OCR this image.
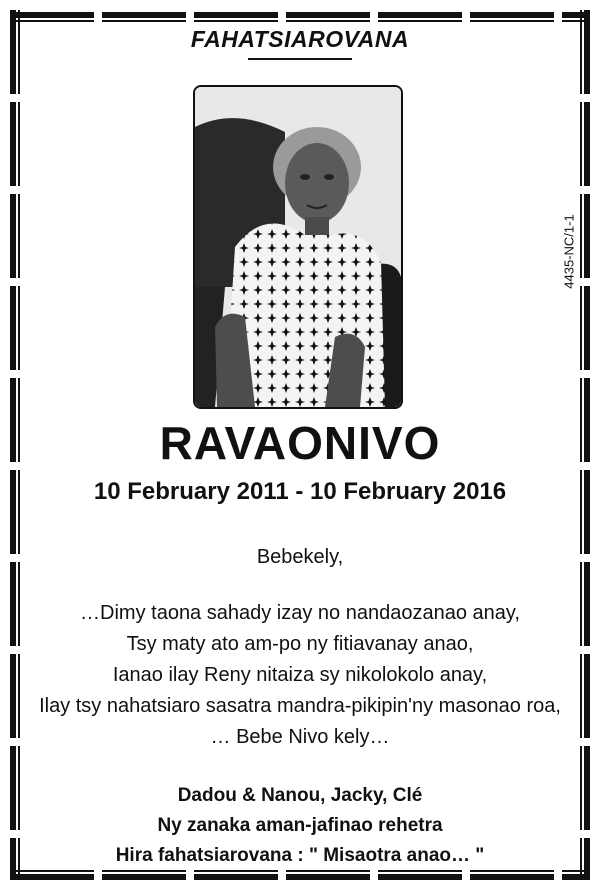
FAHATSIAROVANA
4435-NC/1-1
RAVAONIVO
10 February 2011 - 10 February 2016
Bebekely,
…Dimy taona sahady izay no nandaozanao anay,
Tsy maty ato am-po ny fitiavanay anao,
Ianao ilay Reny nitaiza sy nikolokolo anay,
Ilay tsy nahatsiaro sasatra mandra-pikipin'ny masonao roa,
… Bebe Nivo kely…
Dadou & Nanou, Jacky, Clé
Ny zanaka aman-jafinao rehetra
Hira fahatsiarovana : " Misaotra anao… "
